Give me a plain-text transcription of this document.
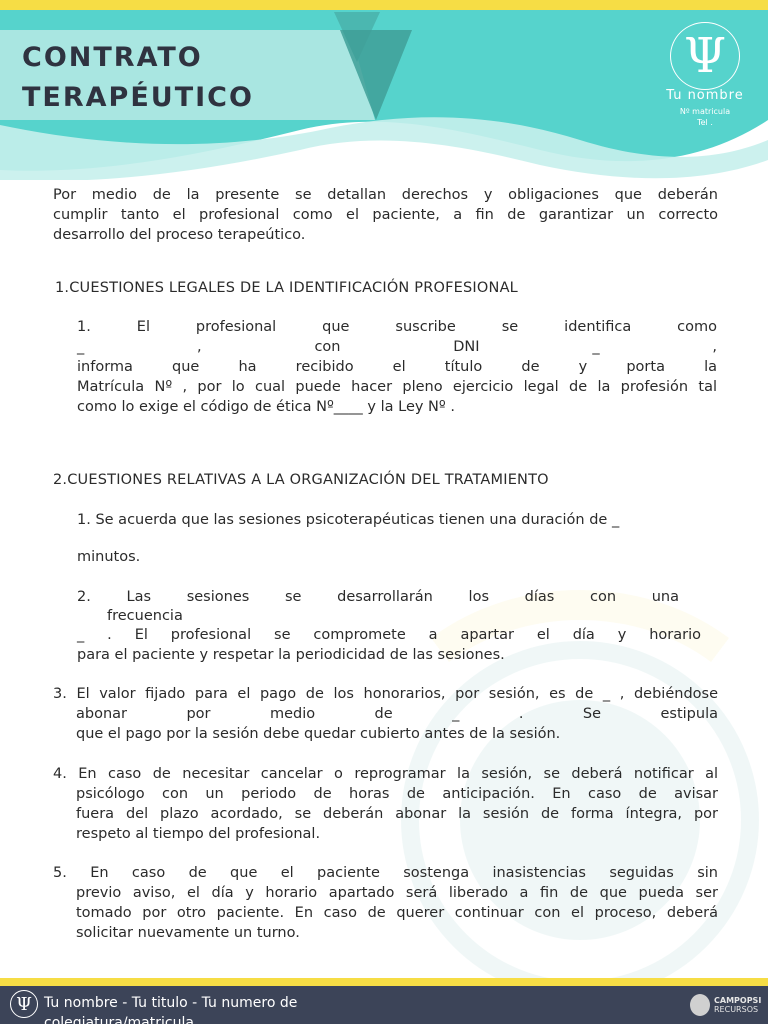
CONTRATO
TERAPÉUTICO
Ψ
Tu nombre
Nº matricula
Tel .
Por medio de la presente se detallan derechos y obligaciones que deberán
cumplir tanto el profesional como el paciente, a fin de garantizar un correcto
desarrollo del proceso terapeútico.
1.CUESTIONES LEGALES DE LA IDENTIFICACIÓN PROFESIONAL
1. El profesional que suscribe se identifica como
_ , con DNI _ ,
informa que ha recibido el título de y porta la
Matrícula Nº , por lo cual puede hacer pleno ejercicio legal de la profesión tal
como lo exige el código de ética Nº____ y la Ley Nº .
2.CUESTIONES RELATIVAS A LA ORGANIZACIÓN DEL TRATAMIENTO
1. Se acuerda que las sesiones psicoterapéuticas tienen una duración de _
minutos.
2. Las sesiones se desarrollarán los días con una
frecuencia
_ . El profesional se compromete a apartar el día y horario
para el paciente y respetar la periodicidad de las sesiones.
3. El valor fijado para el pago de los honorarios, por sesión, es de _ , debiéndose
abonar por medio de _ . Se estipula
que el pago por la sesión debe quedar cubierto antes de la sesión.
4. En caso de necesitar cancelar o reprogramar la sesión, se deberá notificar al
psicólogo con un periodo de horas de anticipación. En caso de avisar
fuera del plazo acordado, se deberán abonar la sesión de forma íntegra, por
respeto al tiempo del profesional.
5. En caso de que el paciente sostenga inasistencias seguidas sin
previo aviso, el día y horario apartado será liberado a fin de que pueda ser
tomado por otro paciente. En caso de querer continuar con el proceso, deberá
solicitar nuevamente un turno.
Ψ Tu nombre - Tu titulo - Tu numero de colegiatura/matricula
CAMPOPSI
RECURSOS
